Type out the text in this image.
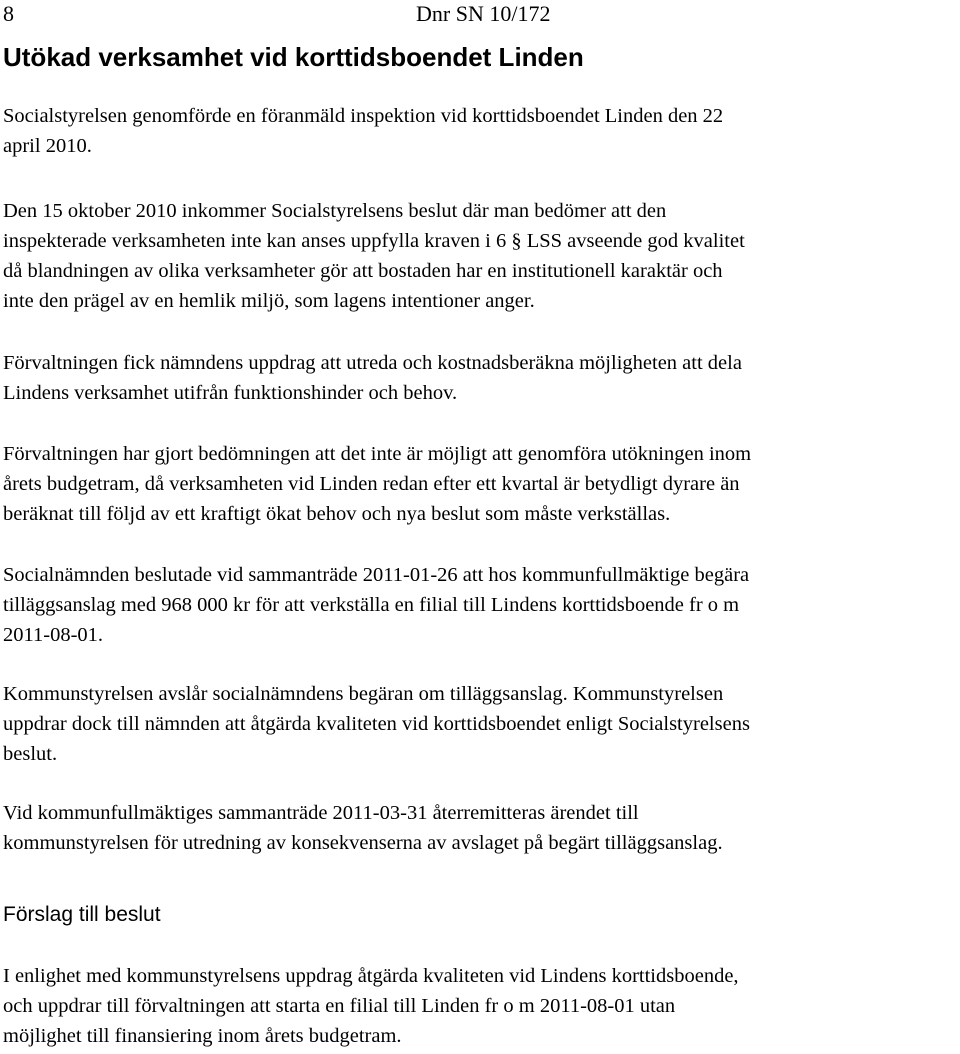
8	Dnr SN 10/172
Utökad verksamhet vid korttidsboendet Linden

Socialstyrelsen genomförde en föranmäld inspektion vid korttidsboendet Linden den 22
april 2010.

Den 15 oktober 2010 inkommer Socialstyrelsens beslut där man bedömer att den
inspekterade verksamheten inte kan anses uppfylla kraven i 6 § LSS avseende god kvalitet
då blandningen av olika verksamheter gör att bostaden har en institutionell karaktär och
inte den prägel av en hemlik miljö, som lagens intentioner anger.

Förvaltningen fick nämndens uppdrag att utreda och kostnadsberäkna möjligheten att dela
Lindens verksamhet utifrån funktionshinder och behov.

Förvaltningen har gjort bedömningen att det inte är möjligt att genomföra utökningen inom
årets budgetram, då verksamheten vid Linden redan efter ett kvartal är betydligt dyrare än
beräknat till följd av ett kraftigt ökat behov och nya beslut som måste verkställas.

Socialnämnden beslutade vid sammanträde 2011-01-26 att hos kommunfullmäktige begära
tilläggsanslag med 968 000 kr för att verkställa en filial till Lindens korttidsboende fr o m
2011-08-01.

Kommunstyrelsen avslår socialnämndens begäran om tilläggsanslag. Kommunstyrelsen
uppdrar dock till nämnden att åtgärda kvaliteten vid korttidsboendet enligt Socialstyrelsens
beslut.

Vid kommunfullmäktiges sammanträde 2011-03-31 återremitteras ärendet till
kommunstyrelsen för utredning av konsekvenserna av avslaget på begärt tilläggsanslag.

Förslag till beslut

I enlighet med kommunstyrelsens uppdrag åtgärda kvaliteten vid Lindens korttidsboende,
och uppdrar till förvaltningen att starta en filial till Linden fr o m 2011-08-01 utan
möjlighet till finansiering inom årets budgetram.
